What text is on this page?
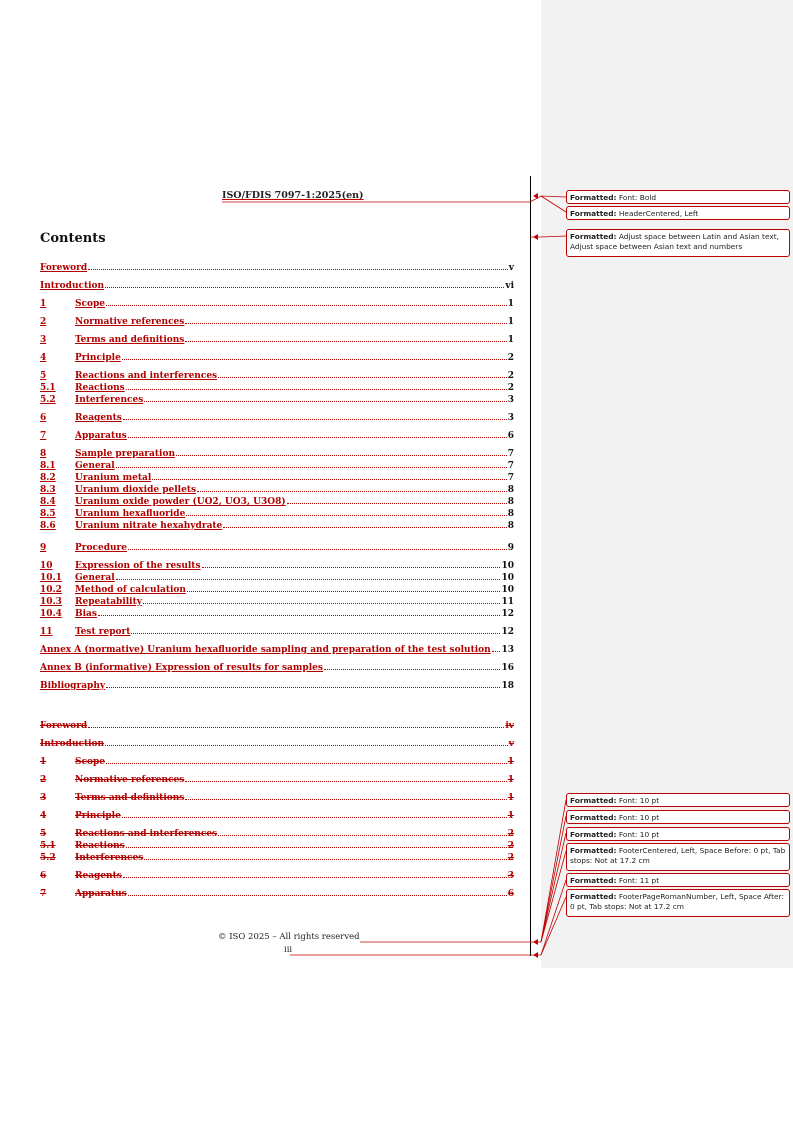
ISO/FDIS 7097-1:2025(en)
Contents
Foreword	v
Introduction	vi
1	Scope	1
2	Normative references	1
3	Terms and definitions	1
4	Principle	2
5	Reactions and interferences	2
5.1	Reactions	2
5.2	Interferences	3
6	Reagents	3
7	Apparatus	6
8	Sample preparation	7
8.1	General	7
8.2	Uranium metal	7
8.3	Uranium dioxide pellets	8
8.4	Uranium oxide powder (UO2, UO3, U3O8)	8
8.5	Uranium hexafluoride	8
8.6	Uranium nitrate hexahydrate	8
9	Procedure	9
10	Expression of the results	10
10.1	General	10
10.2	Method of calculation	10
10.3	Repeatability	11
10.4	Bias	12
11	Test report	12
Annex A (normative) Uranium hexafluoride sampling and preparation of the test solution 13
Annex B (informative) Expression of results for samples	16
Bibliography	18
Foreword	iv
Introduction	v
1	Scope	1
2	Normative references	1
3	Terms and definitions	1
4	Principle	1
5	Reactions and interferences	2
5.1	Reactions	2
5.2	Interferences	2
6	Reagents	3
7	Apparatus	6
© ISO 2025 – All rights reserved
iii
Formatted: Font: Bold
Formatted: HeaderCentered, Left
Formatted: Adjust space between Latin and Asian text, Adjust space between Asian text and numbers
Formatted: Font: 10 pt
Formatted: Font: 10 pt
Formatted: Font: 10 pt
Formatted: FooterCentered, Left, Space Before: 0 pt, Tab stops: Not at 17.2 cm
Formatted: Font: 11 pt
Formatted: FooterPageRomanNumber, Left, Space After: 0 pt, Tab stops: Not at 17.2 cm
